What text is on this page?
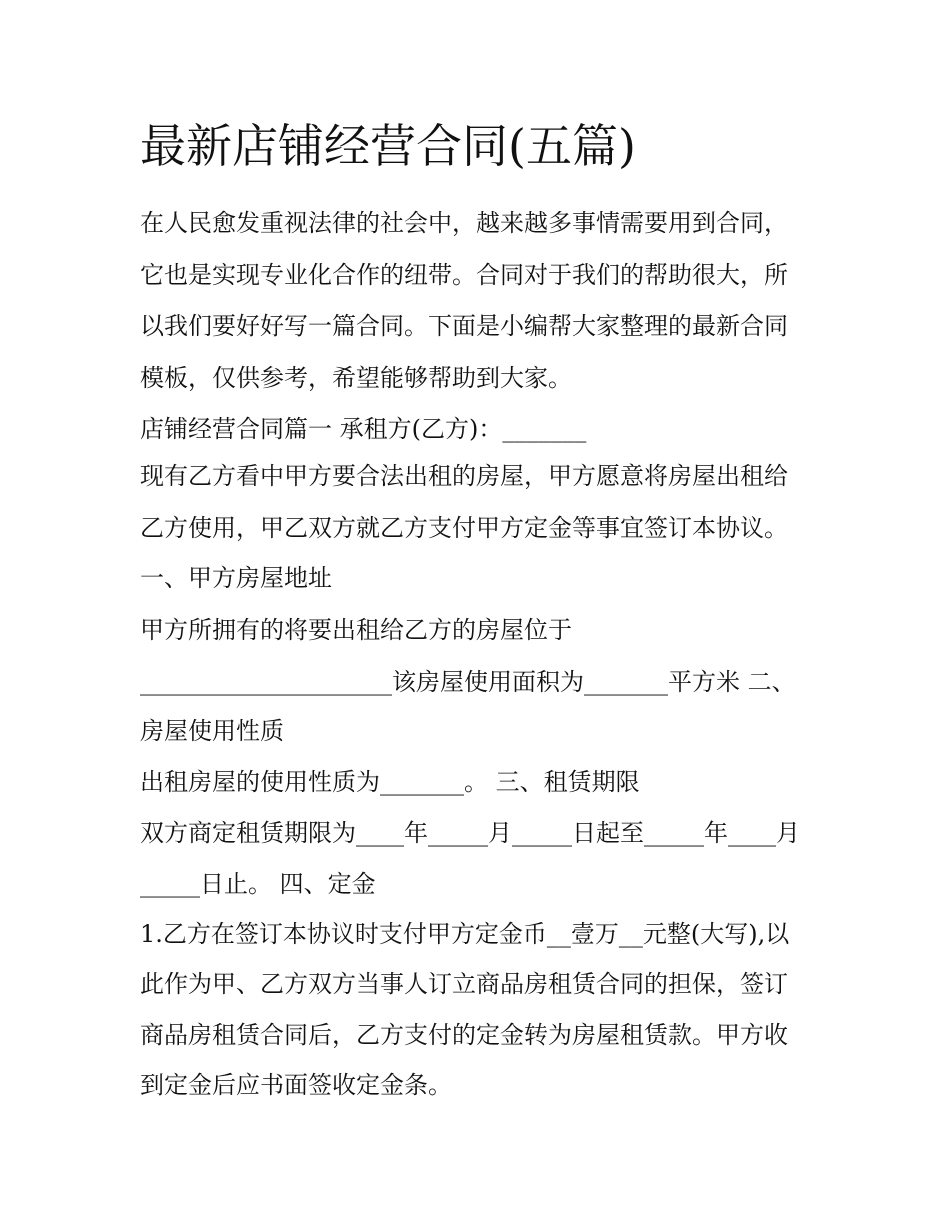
最新店铺经营合同(五篇)

在人民愈发重视法律的社会中，越来越多事情需要用到合同，

它也是实现专业化合作的纽带。合同对于我们的帮助很大，所

以我们要好好写一篇合同。下面是小编帮大家整理的最新合同

模板，仅供参考，希望能够帮助到大家。

店铺经营合同篇一 承租方(乙方)：_______

现有乙方看中甲方要合法出租的房屋，甲方愿意将房屋出租给

乙方使用，甲乙双方就乙方支付甲方定金等事宜签订本协议。

一、甲方房屋地址

甲方所拥有的将要出租给乙方的房屋位于

_____________________该房屋使用面积为_______平方米 二、

房屋使用性质

出租房屋的使用性质为_______。 三、租赁期限

双方商定租赁期限为____年_____月_____日起至_____年____月

_____日止。 四、定金

1.乙方在签订本协议时支付甲方定金币__壹万__元整(大写),以

此作为甲、乙方双方当事人订立商品房租赁合同的担保，签订

商品房租赁合同后，乙方支付的定金转为房屋租赁款。甲方收

到定金后应书面签收定金条。
